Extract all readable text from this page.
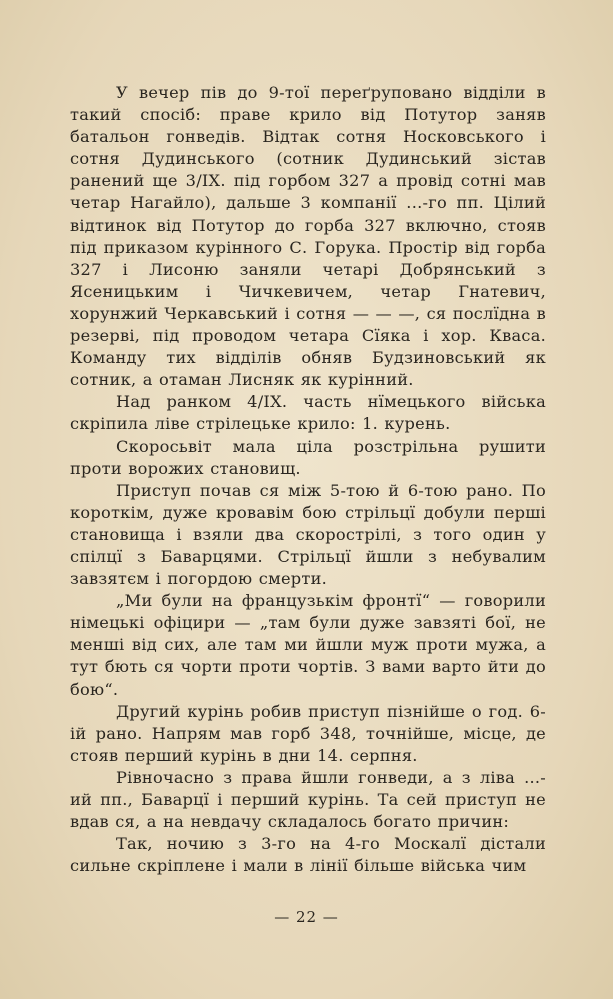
У вечер пів до 9-тої переґруповано відділи в такий спосіб: праве крило від Потутор заняв батальон гонведів. Відтак сотня Носковського і сотня Дудинського (сотник Дудинський зістав ранений ще 3/IX. під горбом 327 а провід сотні мав четар Нагайло), дальше 3 компанії ...-го пп. Цілий відтинок від Потутор до горба 327 включно, стояв під приказом курінного С. Горука. Простір від горба 327 і Лисоню заняли четарі Добрянський з Ясеницьким і Чичкевичем, четар Гнатевич, хорунжий Черкавський і сотня — — —, ся послїдна в резерві, під проводом четара Сїяка і хор. Кваса. Команду тих відділів обняв Будзиновський як сотник, а отаман Лисняк як курінний.

Над ранком 4/IX. часть нїмецького війська скріпила ліве стрілецьке крило: 1. курень.

Скоросьвіт мала ціла розстрільна рушити проти ворожих становищ.

Приступ почав ся між 5-тою й 6-тою рано. По короткім, дуже кровавім бою стрільцї добули перші становища і взяли два скорострілі, з того один у спілцї з Баварцями. Стрільцї йшли з небувалим завзятєм і погордою смерти.

„Ми були на французькім фронтї“ — говорили німецькі офіцири — „там були дуже завзяті бої, не менші від сих, але там ми йшли муж проти мужа, а тут бють ся чорти проти чортів. З вами варто йти до бою“.

Другий курінь робив приступ пізнійше о год. 6-ій рано. Напрям мав горб 348, точнійше, місце, де стояв перший курінь в дни 14. серпня.

Рівночасно з права йшли гонведи, а з ліва ...-ий пп., Баварцї і перший курінь. Та сей приступ не вдав ся, а на невдачу складалось богато причин:

Так, ночию з 3-го на 4-го Москалї дістали сильне скріплене і мали в лінії більше війська чим

— 22 —
